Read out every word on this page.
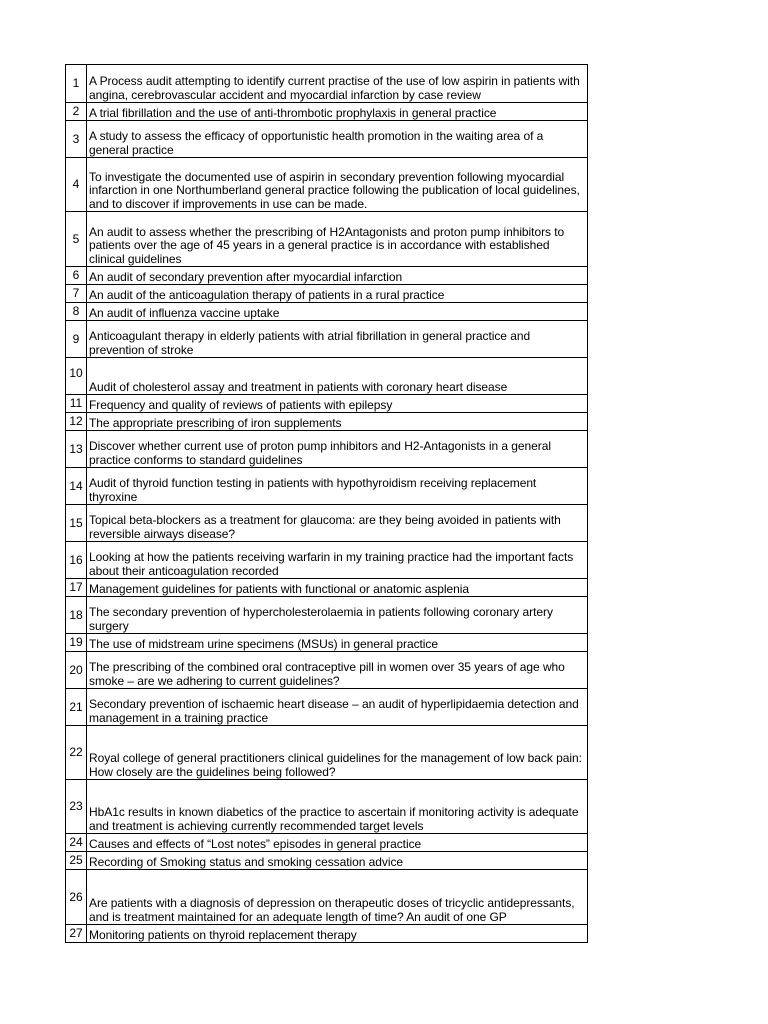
1	A Process audit attempting to identify current practise of the use of low aspirin in patients with angina, cerebrovascular accident and myocardial infarction by case review
2	A trial fibrillation and the use of anti-thrombotic prophylaxis in general practice
3	A study to assess the efficacy of opportunistic health promotion in the waiting area of a general practice
4	To investigate the documented use of aspirin in secondary prevention following myocardial infarction in one Northumberland general practice following the publication of local guidelines, and to discover if improvements in use can be made.
5	An audit to assess whether the prescribing of H2Antagonists and proton pump inhibitors to patients over the age of 45 years in a general practice is in accordance with established clinical guidelines
6	An audit of secondary prevention after myocardial infarction
7	An audit of the anticoagulation therapy of patients in a rural practice
8	An audit of influenza vaccine uptake
9	Anticoagulant therapy in elderly patients with atrial fibrillation in general practice and prevention of stroke
10	Audit of cholesterol assay and treatment in patients with coronary heart disease
11	Frequency and quality of reviews of patients with epilepsy
12	The appropriate prescribing of iron supplements
13	Discover whether current use of proton pump inhibitors and H2-Antagonists in a general practice conforms to standard guidelines
14	Audit of thyroid function testing in patients with hypothyroidism receiving replacement thyroxine
15	Topical beta-blockers as a treatment for glaucoma: are they being avoided in patients with reversible airways disease?
16	Looking at how the patients receiving warfarin in my training practice had the important facts about their anticoagulation recorded
17	Management guidelines for patients with functional or anatomic asplenia
18	The secondary prevention of hypercholesterolaemia in patients following coronary artery surgery
19	The use of midstream urine specimens (MSUs) in general practice
20	The prescribing of the combined oral contraceptive pill in women over 35 years of age who smoke – are we adhering to current guidelines?
21	Secondary prevention of ischaemic heart disease – an audit of hyperlipidaemia detection and management in a training practice
22	Royal college of general practitioners clinical guidelines for the management of low back pain: How closely are the guidelines being followed?
23	HbA1c results in known diabetics of the practice to ascertain if monitoring activity is adequate and treatment is achieving currently recommended target levels
24	Causes and effects of “Lost notes” episodes in general practice
25	Recording of Smoking status and smoking cessation advice
26	Are patients with a diagnosis of depression on therapeutic doses of tricyclic antidepressants, and is treatment maintained for an adequate length of time? An audit of one GP
27	Monitoring patients on thyroid replacement therapy
